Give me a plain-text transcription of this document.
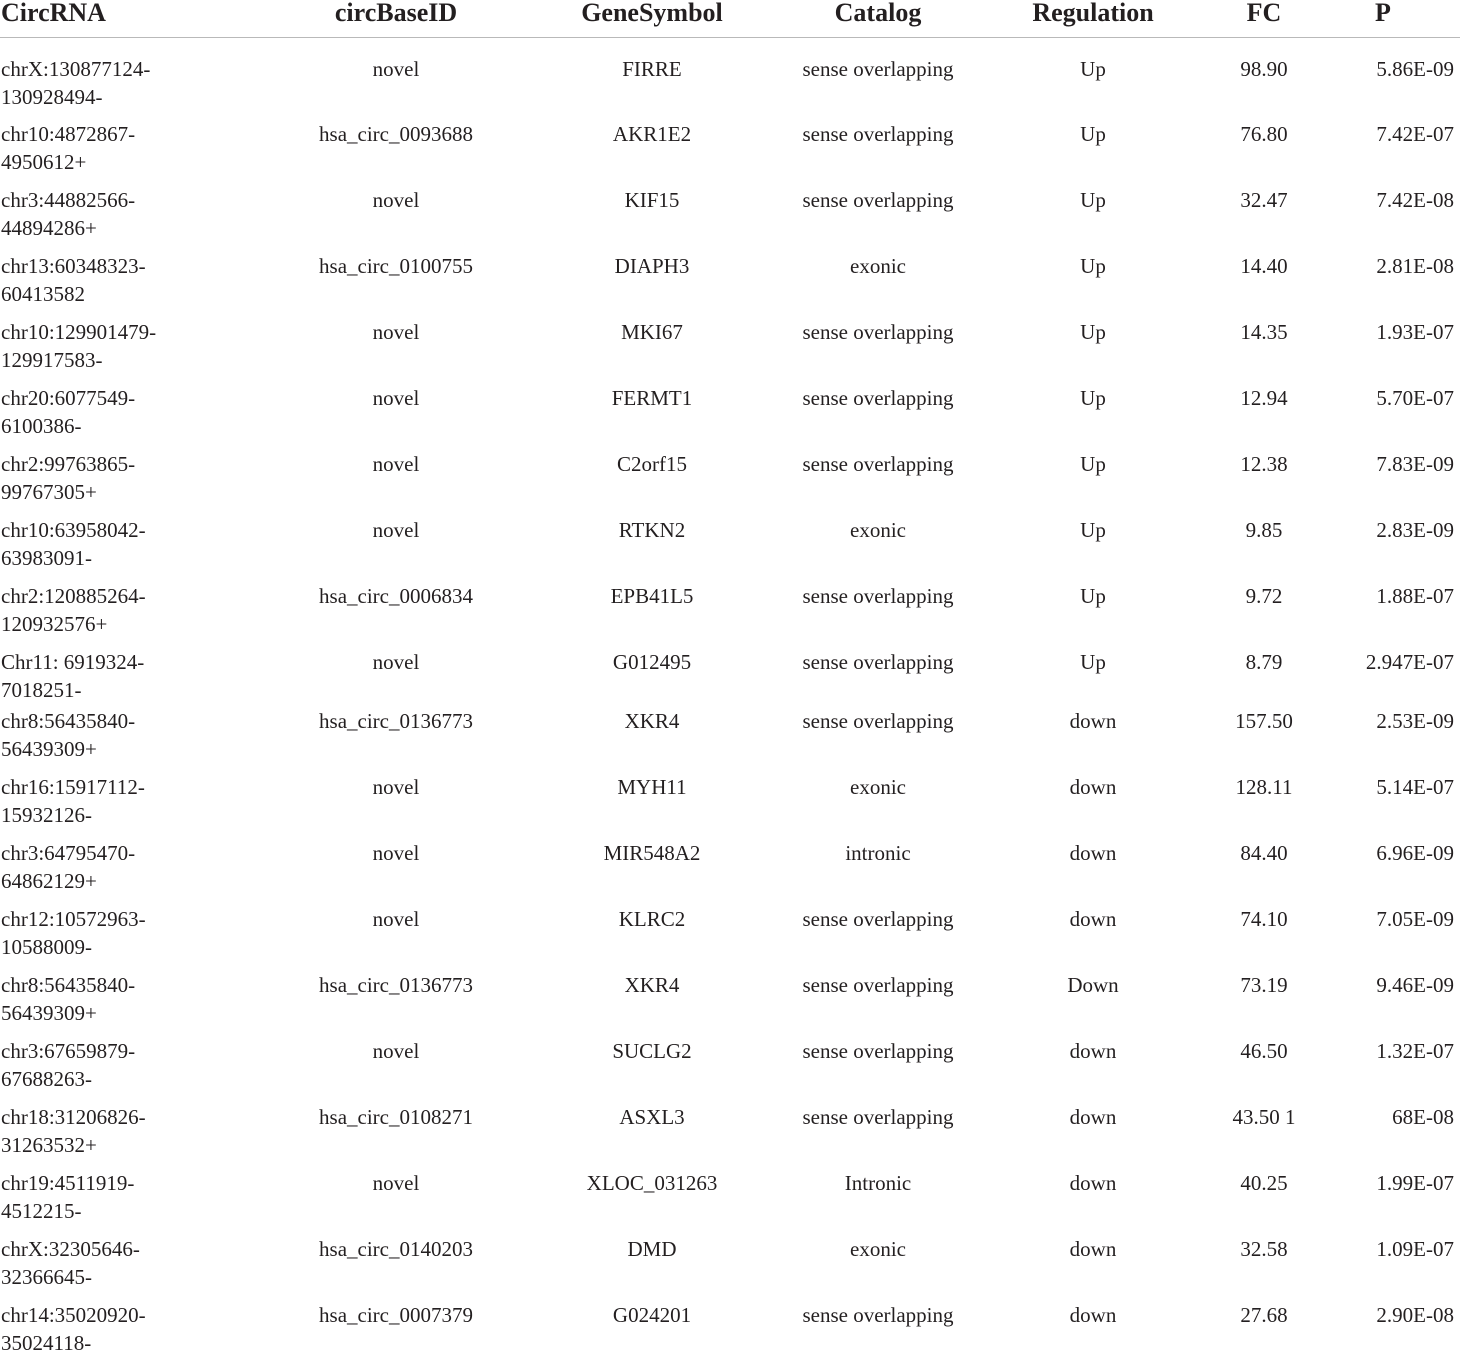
CircRNA	circBaseID	GeneSymbol	Catalog	Regulation	FC	P

chrX:130877124-
130928494-	novel	FIRRE	sense overlapping	Up	98.90	5.86E-09

chr10:4872867-
4950612+	hsa_circ_0093688	AKR1E2	sense overlapping	Up	76.80	7.42E-07

chr3:44882566-
44894286+	novel	KIF15	sense overlapping	Up	32.47	7.42E-08

chr13:60348323-
60413582	hsa_circ_0100755	DIAPH3	exonic	Up	14.40	2.81E-08

chr10:129901479-
129917583-	novel	MKI67	sense overlapping	Up	14.35	1.93E-07

chr20:6077549-
6100386-	novel	FERMT1	sense overlapping	Up	12.94	5.70E-07

chr2:99763865-
99767305+	novel	C2orf15	sense overlapping	Up	12.38	7.83E-09

chr10:63958042-
63983091-	novel	RTKN2	exonic	Up	9.85	2.83E-09

chr2:120885264-
120932576+	hsa_circ_0006834	EPB41L5	sense overlapping	Up	9.72	1.88E-07

Chr11: 6919324-
7018251-	novel	G012495	sense overlapping	Up	8.79	2.947E-07

chr8:56435840-
56439309+	hsa_circ_0136773	XKR4	sense overlapping	down	157.50	2.53E-09

chr16:15917112-
15932126-	novel	MYH11	exonic	down	128.11	5.14E-07

chr3:64795470-
64862129+	novel	MIR548A2	intronic	down	84.40	6.96E-09

chr12:10572963-
10588009-	novel	KLRC2	sense overlapping	down	74.10	7.05E-09

chr8:56435840-
56439309+	hsa_circ_0136773	XKR4	sense overlapping	Down	73.19	9.46E-09

chr3:67659879-
67688263-	novel	SUCLG2	sense overlapping	down	46.50	1.32E-07

chr18:31206826-
31263532+	hsa_circ_0108271	ASXL3	sense overlapping	down	43.50 1	68E-08

chr19:4511919-
4512215-	novel	XLOC_031263	Intronic	down	40.25	1.99E-07

chrX:32305646-
32366645-	hsa_circ_0140203	DMD	exonic	down	32.58	1.09E-07

chr14:35020920-
35024118-	hsa_circ_0007379	G024201	sense overlapping	down	27.68	2.90E-08
